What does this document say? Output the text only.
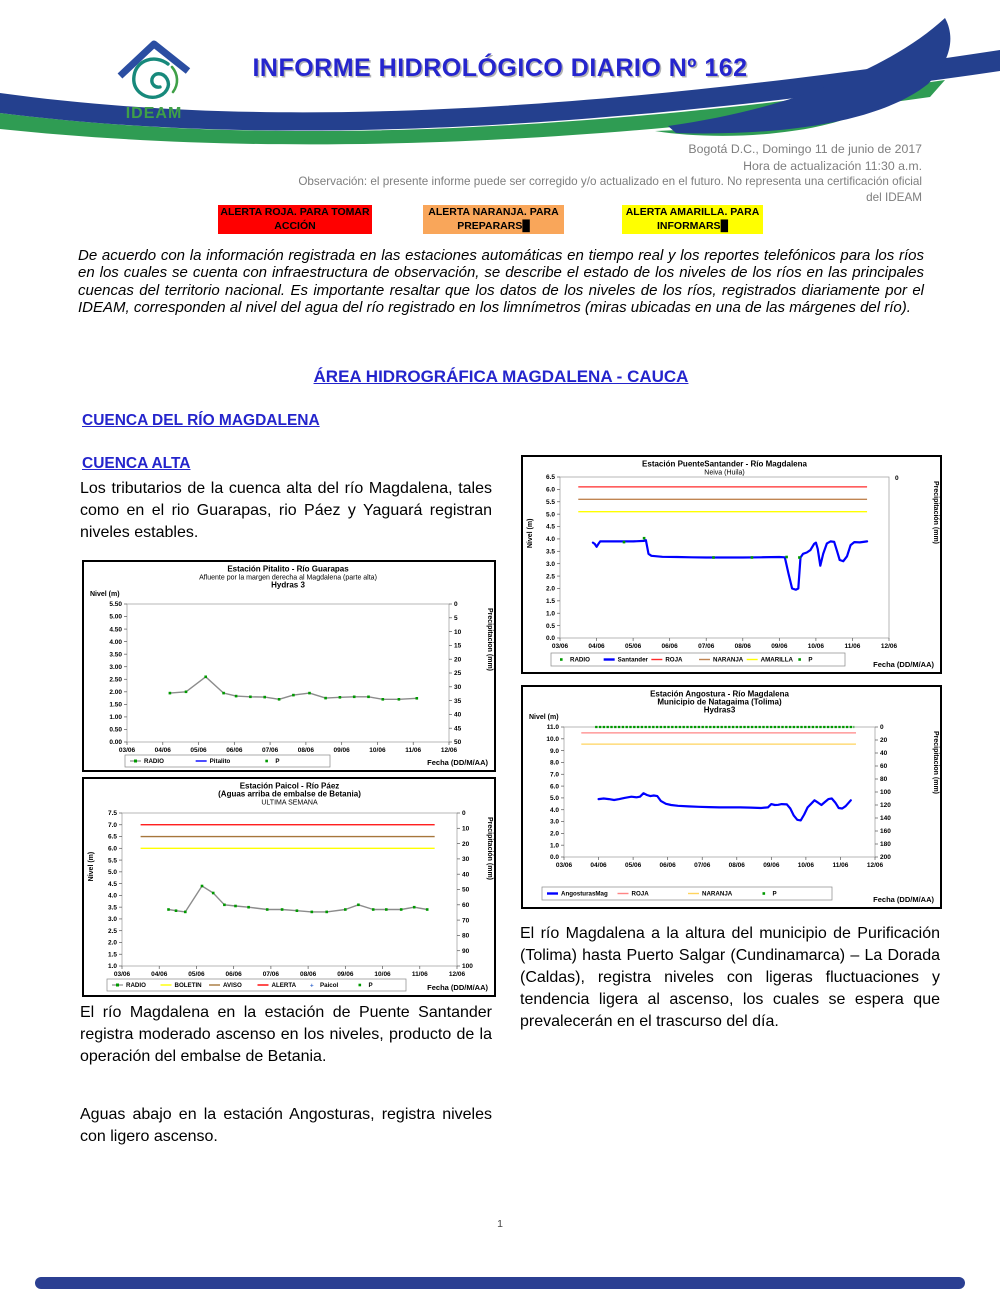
IDEAM
INFORME HIDROLÓGICO DIARIO Nº 162
Bogotá D.C., Domingo 11 de junio de 2017
Hora de actualización 11:30 a.m.
Observación: el presente informe puede ser corregido y/o actualizado en el futuro. No representa una certificación oficial del IDEAM
ALERTA ROJA. PARA TOMAR ACCIÓN
ALERTA NARANJA. PARA PREPARARS█
ALERTA AMARILLA. PARA INFORMARS█
De acuerdo con la información registrada en las estaciones automáticas en tiempo real y los reportes telefónicos para los ríos en los cuales se cuenta con infraestructura de observación, se describe el estado de los niveles de los ríos en las principales cuencas del territorio nacional. Es importante resaltar que los datos de los niveles de los ríos, registrados diariamente por el IDEAM, corresponden al nivel del agua del río registrado en los limnímetros (miras ubicadas en una de las márgenes del río).
ÁREA HIDROGRÁFICA MAGDALENA - CAUCA
CUENCA DEL RÍO MAGDALENA
CUENCA ALTA
Los tributarios de la cuenca alta del río Magdalena, tales como en el rio Guarapas, rio Páez y Yaguará registran niveles estables.
Estación Pitalito - Río Guarapas
Afluente por la margen derecha al Magdalena (parte alta)
Hydras 3
0.00
0.50
1.00
1.50
2.00
2.50
3.00
3.50
4.00
4.50
5.00
5.50	0
5
10
15
20
25
30
35
40
45
50
03/06	04/06	05/06	06/06	07/06	08/06	09/06	10/06	11/06	12/06
Nivel (m)
Precipitacion (mm)
RADIO	Pitalito	P	Fecha (DD/M/AA)
Estación Paicol - Río Páez
(Aguas arriba de embalse de Betania)
ULTIMA SEMANA
1.0
1.5
2.0
2.5
3.0
3.5
4.0
4.5
5.0
5.5
6.0
6.5
7.0
7.5	0
10
20
30
40
50
60
70
80
90
100
03/06	04/06	05/06	06/06	07/06	08/06	09/06	10/06	11/06	12/06
Nivel (m)	Precipitación (mm)
RADIO	BOLETIN	AVISO	ALERTA + Paicol	P	Fecha (DD/M/AA)
Estación PuenteSantander - Río Magdalena
Neiva (Huila)
0.0
0.5
1.0
1.5
2.0
2.5
3.0
3.5
4.0
4.5
5.0
5.5
6.0
6.5	0
03/06	04/06	05/06	06/06	07/06	08/06	09/06	10/06	11/06	12/06
Nivel (m)	Precipitación (mm)
RADIO	Santander	ROJA	NARANJA	AMARILLA P	Fecha (DD/M/AA)
Estación Angostura - Río Magdalena
Municipio de Natagaima (Tolima)
Hydras3
0.0
1.0
2.0
3.0
4.0
5.0
6.0
7.0
8.0
9.0
10.0
11.0	0
20
40
60
80
100
120
140
160
180
200
03/06	04/06	05/06	06/06	07/06	08/06	09/06	10/06	11/06	12/06
Nivel (m)
Precipitacion (mm)
AngosturasMag	ROJA	NARANJA	P
Fecha (DD/M/AA)
El río Magdalena en la estación de Puente Santander registra moderado ascenso en los niveles, producto de la operación del embalse de Betania.
Aguas abajo en la estación Angosturas, registra niveles con ligero ascenso.
El río Magdalena a la altura del municipio de Purificación (Tolima) hasta Puerto Salgar (Cundinamarca) – La Dorada (Caldas), registra niveles con ligeras fluctuaciones y tendencia ligera al ascenso, los cuales se espera que prevalecerán en el trascurso del día.
1
